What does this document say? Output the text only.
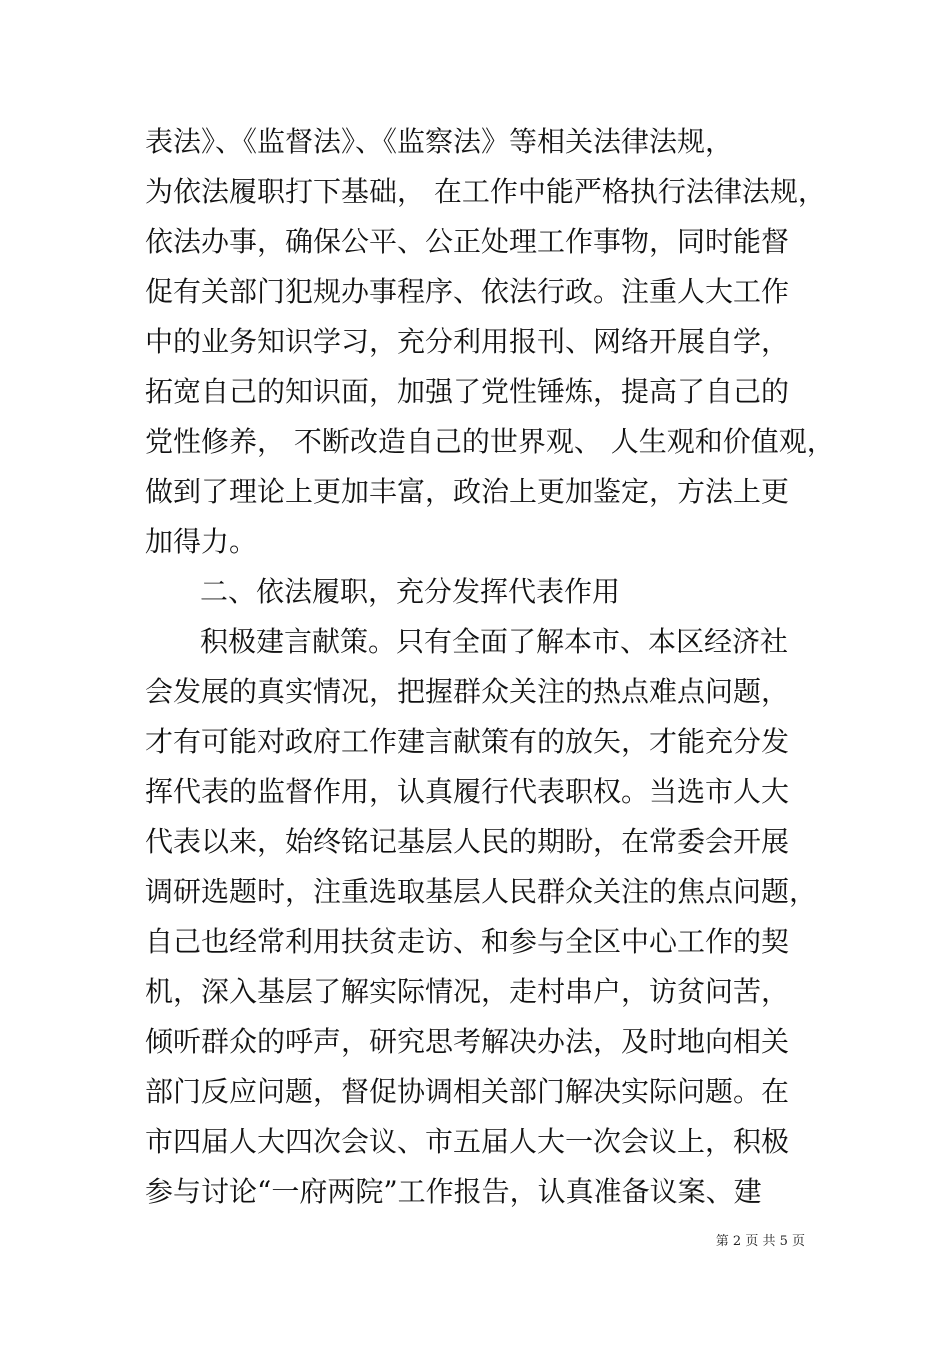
表法》、《监督法》、《监察法》等相关法律法规，
为依法履职打下基础， 在工作中能严格执行法律法规，
依法办事，确保公平、公正处理工作事物，同时能督
促有关部门犯规办事程序、依法行政。注重人大工作
中的业务知识学习，充分利用报刊、网络开展自学，
拓宽自己的知识面，加强了党性锤炼，提高了自己的
党性修养， 不断改造自己的世界观、 人生观和价值观，
做到了理论上更加丰富，政治上更加鉴定，方法上更
加得力。
二、依法履职，充分发挥代表作用
积极建言献策。只有全面了解本市、本区经济社
会发展的真实情况，把握群众关注的热点难点问题，
才有可能对政府工作建言献策有的放矢，才能充分发
挥代表的监督作用，认真履行代表职权。当选市人大
代表以来，始终铭记基层人民的期盼，在常委会开展
调研选题时，注重选取基层人民群众关注的焦点问题，
自己也经常利用扶贫走访、和参与全区中心工作的契
机，深入基层了解实际情况，走村串户，访贫问苦，
倾听群众的呼声，研究思考解决办法，及时地向相关
部门反应问题，督促协调相关部门解决实际问题。在
市四届人大四次会议、市五届人大一次会议上，积极
参与讨论“一府两院”工作报告，认真准备议案、建
第 2 页 共 5 页
